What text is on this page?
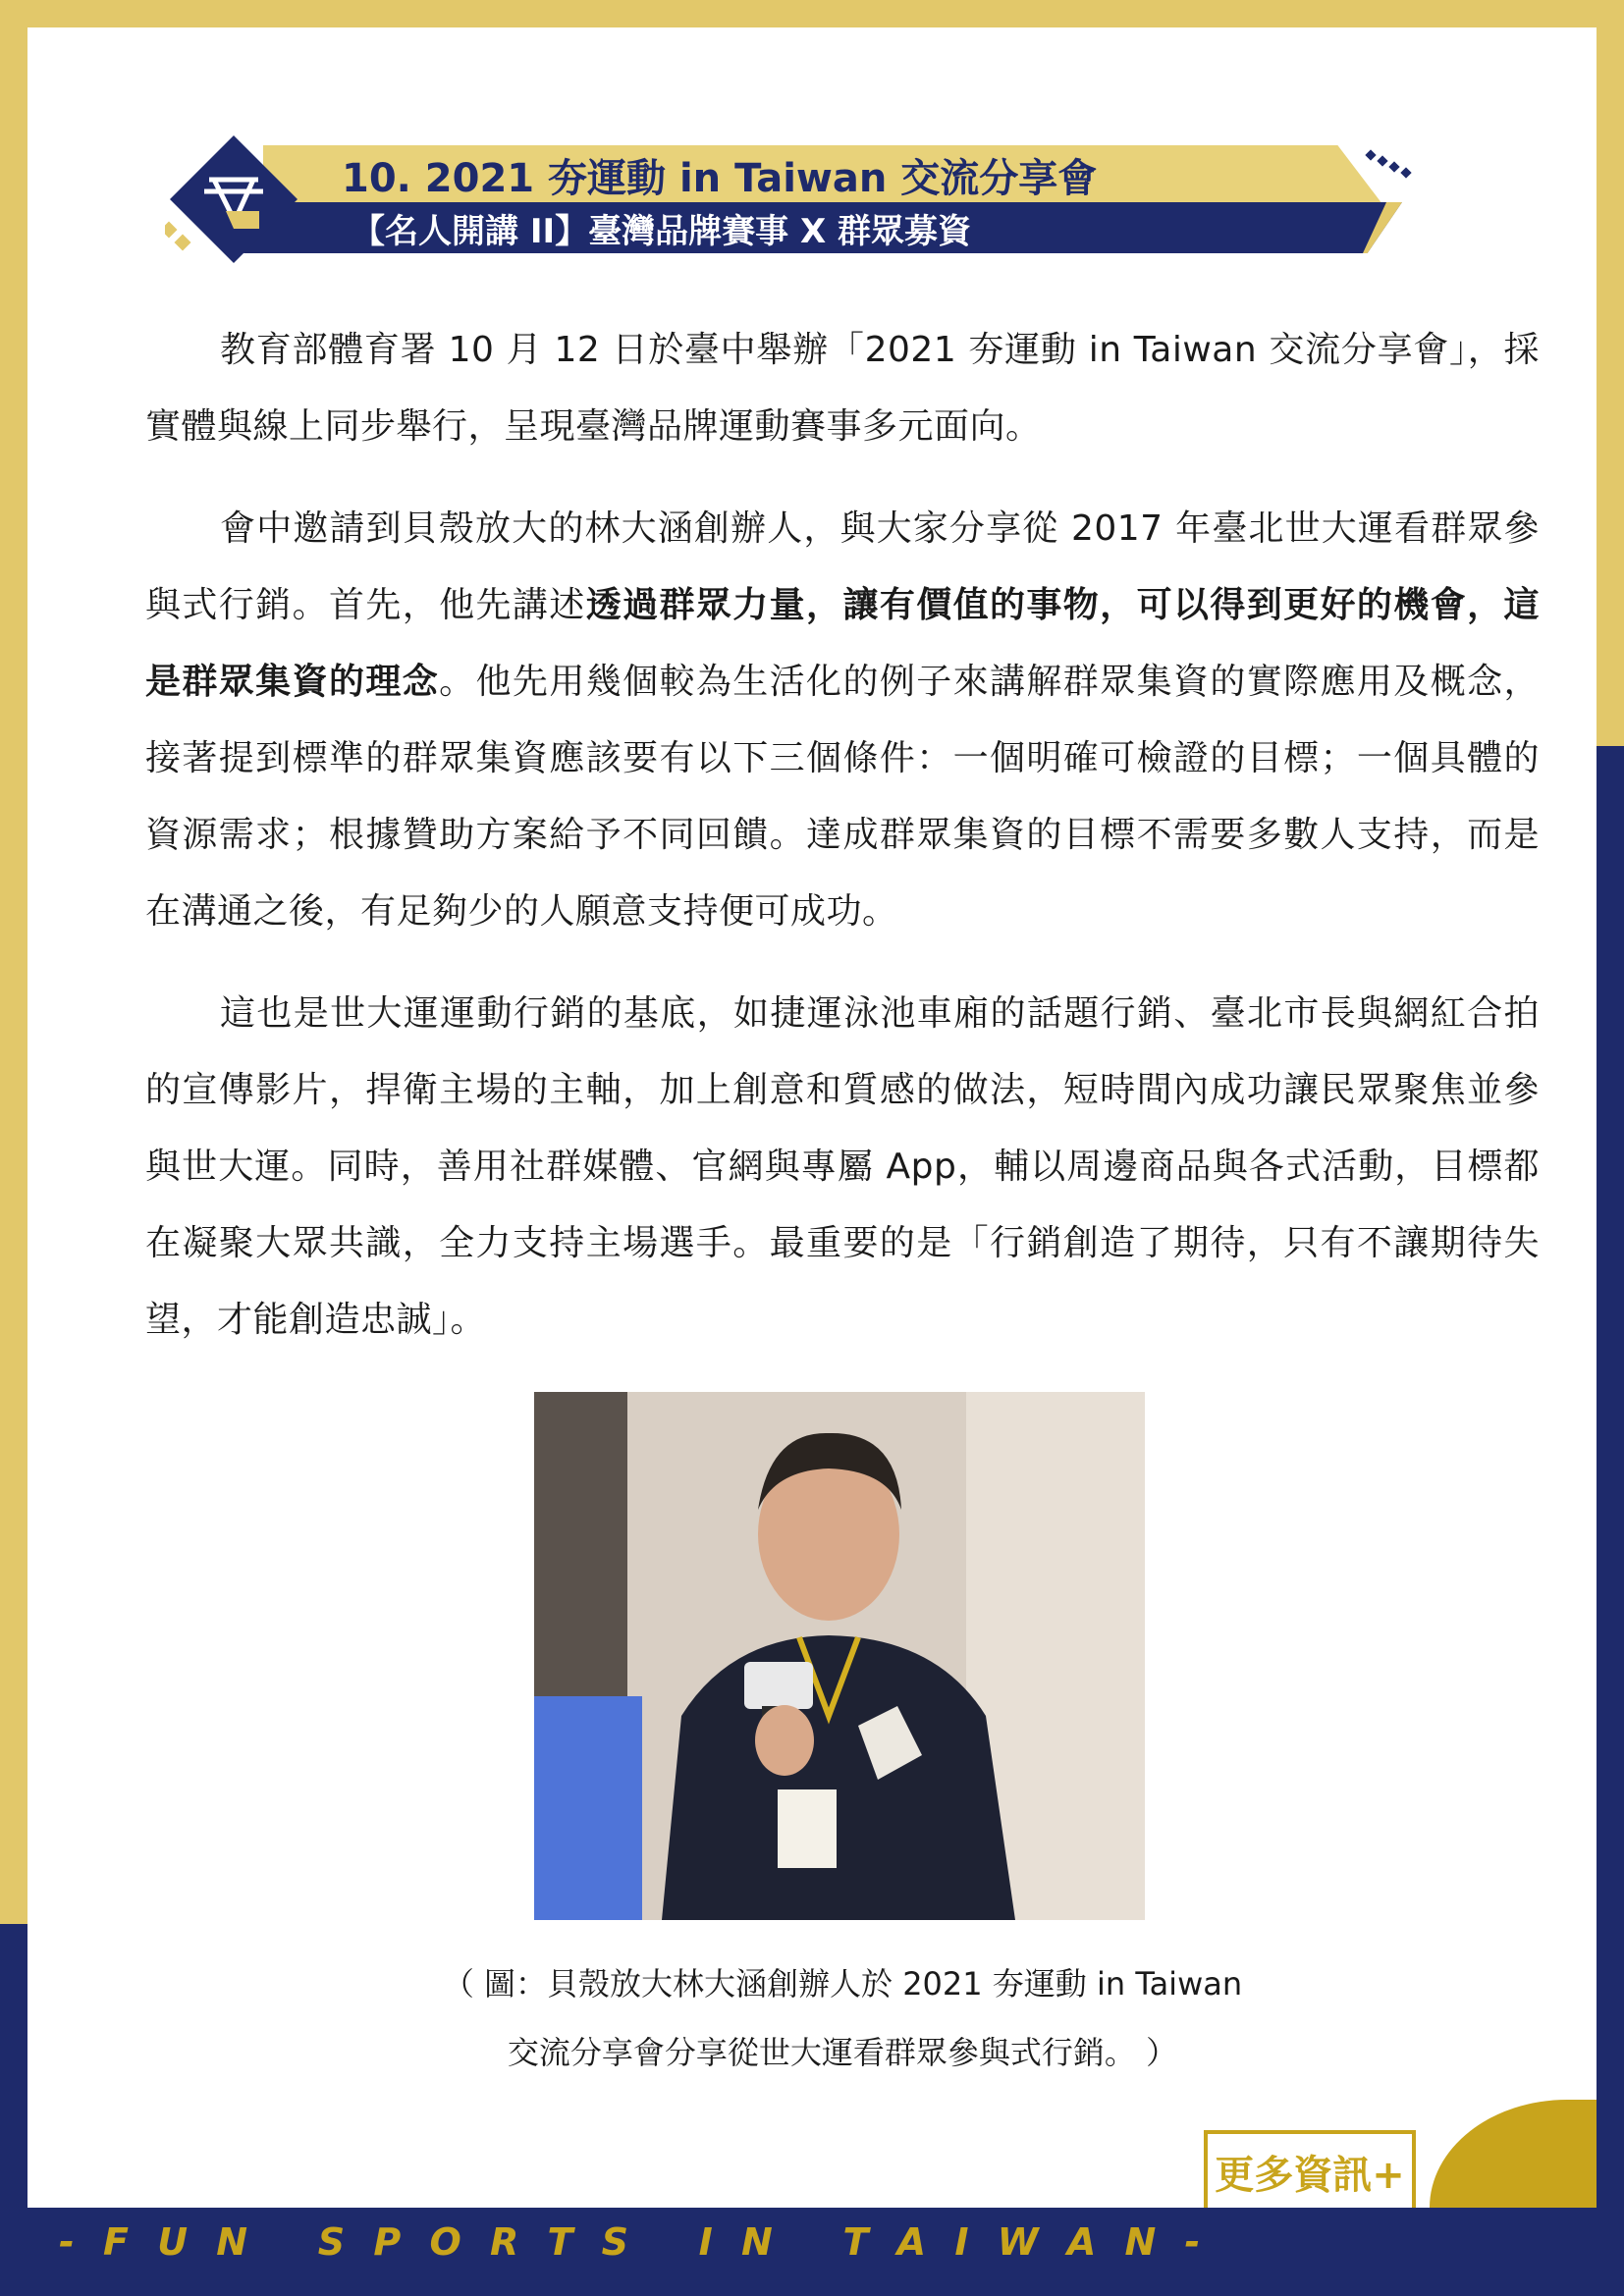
10. 2021 夯運動 in Taiwan 交流分享會
【名人開講 II】臺灣品牌賽事 X 群眾募資

教育部體育署 10 月 12 日於臺中舉辦「2021 夯運動 in Taiwan 交流分享會」，採實體與線上同步舉行，呈現臺灣品牌運動賽事多元面向。

會中邀請到貝殼放大的林大涵創辦人，與大家分享從 2017 年臺北世大運看群眾參與式行銷。首先，他先講述透過群眾力量，讓有價值的事物，可以得到更好的機會，這是群眾集資的理念。他先用幾個較為生活化的例子來講解群眾集資的實際應用及概念，接著提到標準的群眾集資應該要有以下三個條件：一個明確可檢證的目標；一個具體的資源需求；根據贊助方案給予不同回饋。達成群眾集資的目標不需要多數人支持，而是在溝通之後，有足夠少的人願意支持便可成功。

這也是世大運運動行銷的基底，如捷運泳池車廂的話題行銷、臺北市長與網紅合拍的宣傳影片，捍衛主場的主軸，加上創意和質感的做法，短時間內成功讓民眾聚焦並參與世大運。同時，善用社群媒體、官網與專屬 App，輔以周邊商品與各式活動，目標都在凝聚大眾共識，全力支持主場選手。最重要的是「行銷創造了期待，只有不讓期待失望，才能創造忠誠」。

（ 圖：貝殼放大林大涵創辦人於 2021 夯運動 in Taiwan
交流分享會分享從世大運看群眾參與式行銷。 ）
更多資訊+
- F U N   S P O R T S   I N   T A I W A N -
